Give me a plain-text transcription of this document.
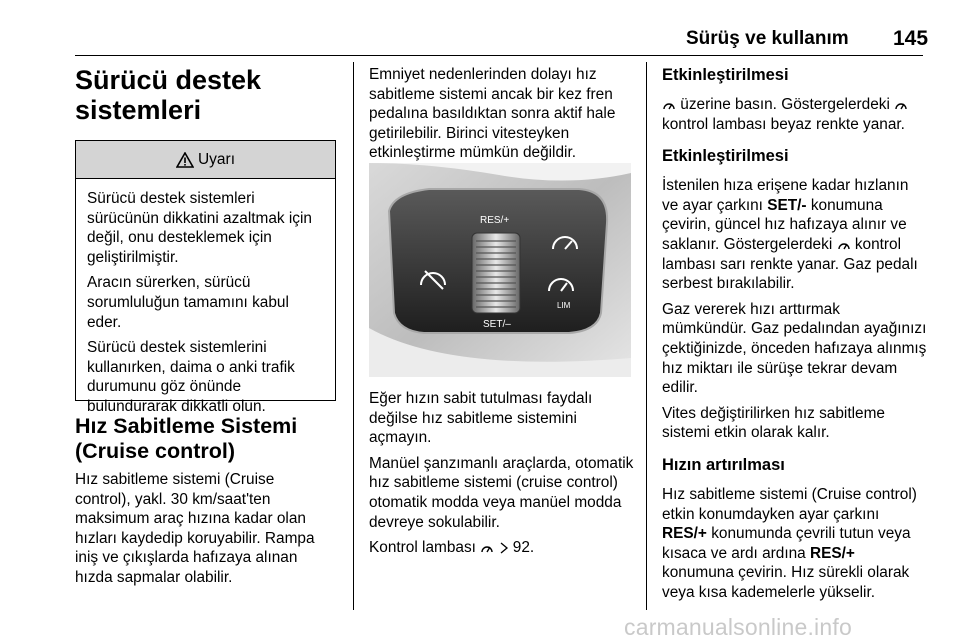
Sürüş ve kullanım 145
Sürücü destek sistemleri
Uyarı

Sürücü destek sistemleri sürücünün dikkatini azaltmak için değil, onu desteklemek için geliştirilmiştir.

Aracın sürerken, sürücü sorumluluğun tamamını kabul eder.

Sürücü destek sistemlerini kullanırken, daima o anki trafik durumunu göz önünde bulundurarak dikkatli olun.

Hız Sabitleme Sistemi (Cruise control)

Hız sabitleme sistemi (Cruise control), yakl. 30 km/saat'ten maksimum araç hızına kadar olan hızları kaydedip koruyabilir. Rampa iniş ve çıkışlarda hafızaya alınan hızda sapmalar olabilir.

Emniyet nedenlerinden dolayı hız sabitleme sistemi ancak bir kez fren pedalına basıldıktan sonra aktif hale getirilebilir. Birinci vitesteyken etkinleştirme mümkün değildir.

RES/+
SET/–
LIM

Eğer hızın sabit tutulması faydalı değilse hız sabitleme sistemini açmayın.

Manüel şanzımanlı araçlarda, otomatik hız sabitleme sistemi (cruise control) otomatik modda veya manüel modda devreye sokulabilir.

Kontrol lambası 92.

Etkinleştirilmesi

üzerine basın. Göstergelerdeki  kontrol lambası beyaz renkte yanar.

Etkinleştirilmesi

İstenilen hıza erişene kadar hızlanın ve ayar çarkını SET/- konumuna çevirin, güncel hız hafızaya alınır ve saklanır. Göstergelerdeki kontrol lambası sarı renkte yanar. Gaz pedalı serbest bırakılabilir.

Gaz vererek hızı arttırmak mümkündür. Gaz pedalından ayağınızı çektiğinizde, önceden hafızaya alınmış hız miktarı ile sürüşe tekrar devam edilir.

Vites değiştirilirken hız sabitleme sistemi etkin olarak kalır.

Hızın artırılması

Hız sabitleme sistemi (Cruise control) etkin konumdayken ayar çarkını RES/+ konumunda çevrili tutun veya kısaca ve ardı ardına RES/+ konumuna çevirin. Hız sürekli olarak veya kısa kademelerle yükselir.

carmanualsonline.info
